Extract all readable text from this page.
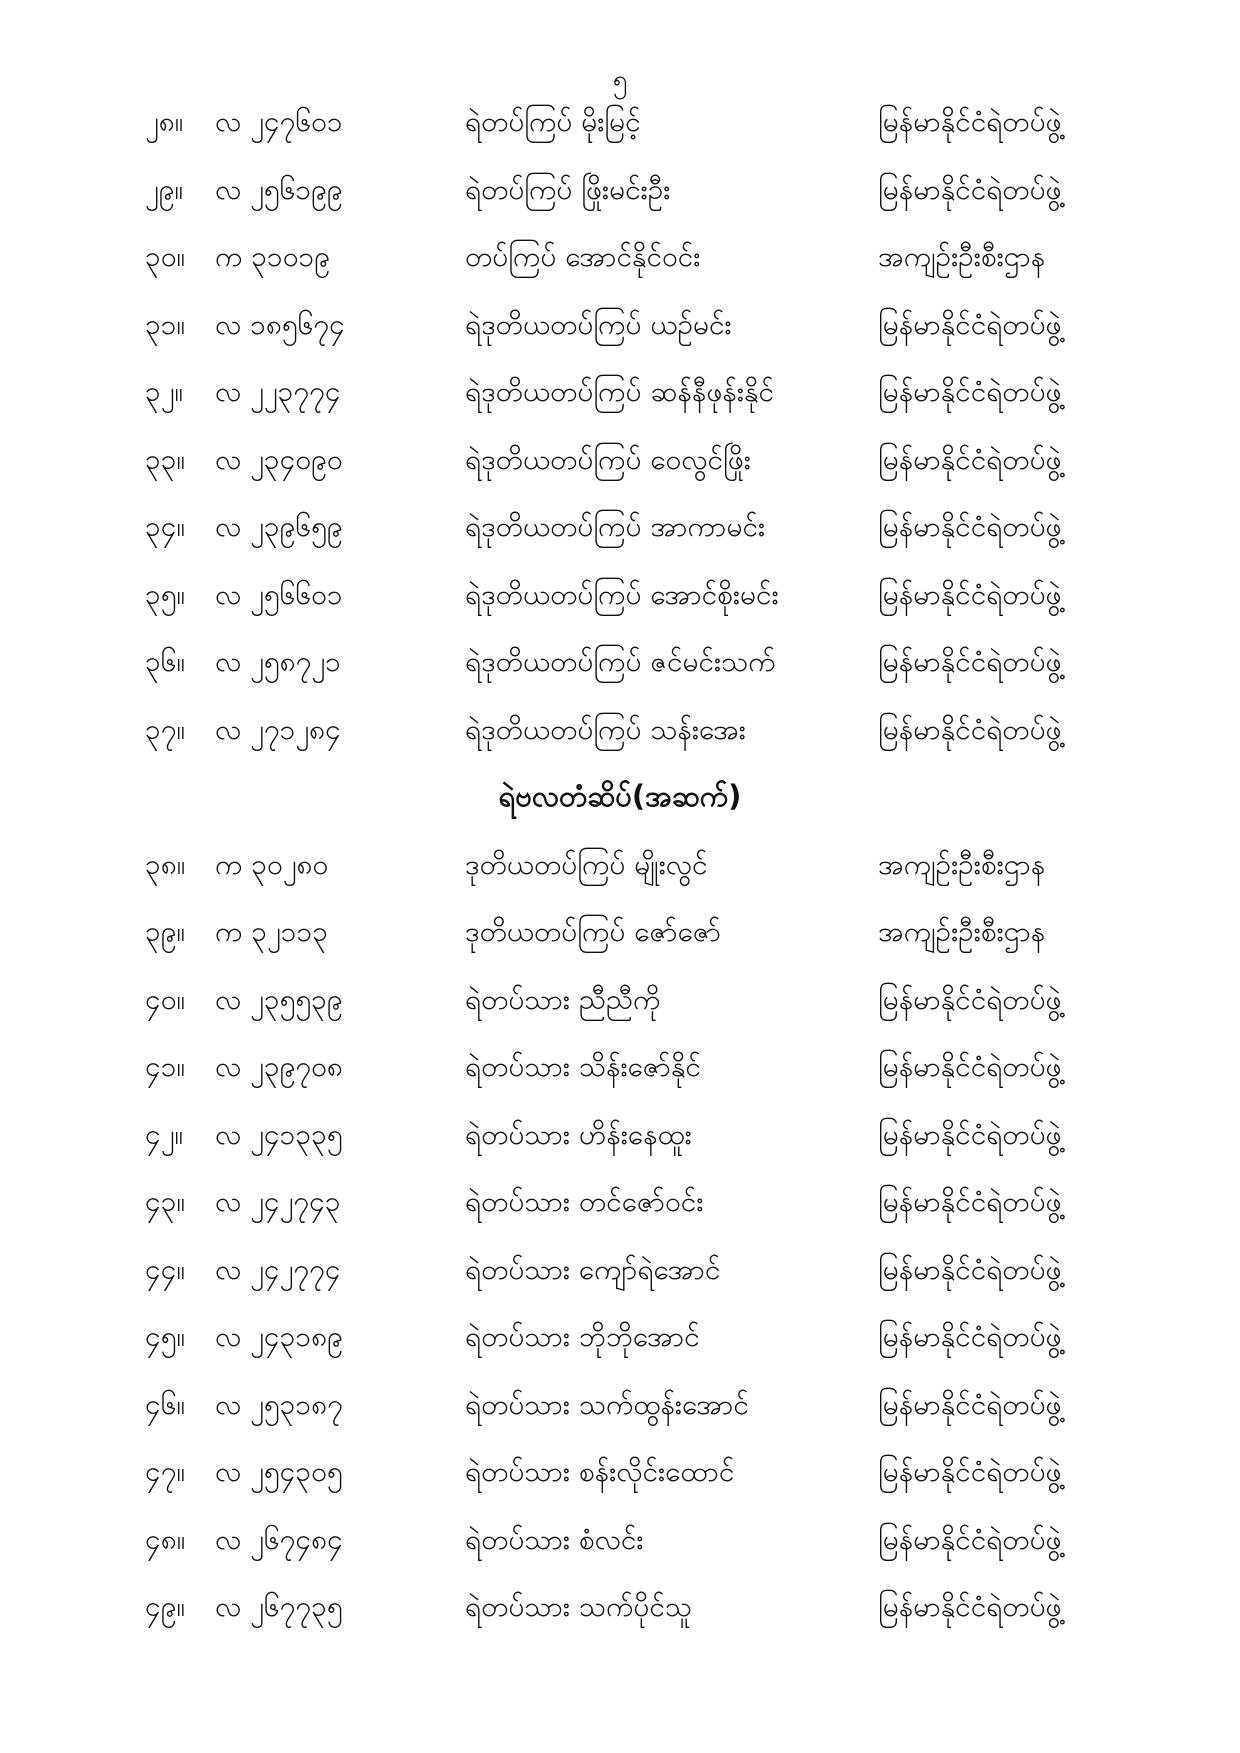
၅
၂၈။ လ ၂၄၇၆၀၁	ရဲတပ်ကြပ် မိုးမြင့်	မြန်မာနိုင်ငံရဲတပ်ဖွဲ့
၂၉။ လ ၂၅၆၁၉၉	ရဲတပ်ကြပ် ဖြိုးမင်းဦး	မြန်မာနိုင်ငံရဲတပ်ဖွဲ့
၃၀။ က ၃၁၀၁၉	တပ်ကြပ် အောင်နိုင်ဝင်း	အကျဉ်းဦးစီးဌာန
၃၁။ လ ၁၈၅၆၇၄	ရဲဒုတိယတပ်ကြပ် ယဉ်မင်း	မြန်မာနိုင်ငံရဲတပ်ဖွဲ့
၃၂။ လ ၂၂၃၇၇၄	ရဲဒုတိယတပ်ကြပ် ဆန်နီဖုန်းနိုင်	မြန်မာနိုင်ငံရဲတပ်ဖွဲ့
၃၃။ လ ၂၃၄၀၉၀	ရဲဒုတိယတပ်ကြပ် ဝေလွင်ဖြိုး	မြန်မာနိုင်ငံရဲတပ်ဖွဲ့
၃၄။ လ ၂၃၉၆၅၉	ရဲဒုတိယတပ်ကြပ် အာကာမင်း	မြန်မာနိုင်ငံရဲတပ်ဖွဲ့
၃၅။ လ ၂၅၆၆၀၁	ရဲဒုတိယတပ်ကြပ် အောင်စိုးမင်း	မြန်မာနိုင်ငံရဲတပ်ဖွဲ့
၃၆။ လ ၂၅၈၇၂၁	ရဲဒုတိယတပ်ကြပ် ဇင်မင်းသက်	မြန်မာနိုင်ငံရဲတပ်ဖွဲ့
၃၇။ လ ၂၇၁၂၈၄	ရဲဒုတိယတပ်ကြပ် သန်းအေး	မြန်မာနိုင်ငံရဲတပ်ဖွဲ့
ရဲဗလတံဆိပ်(အဆက်)
၃၈။ က ၃၀၂၈၀	ဒုတိယတပ်ကြပ် မျိုးလွင်	အကျဉ်းဦးစီးဌာန
၃၉။ က ၃၂၁၁၃	ဒုတိယတပ်ကြပ် ဇော်ဇော်	အကျဉ်းဦးစီးဌာန
၄၀။ လ ၂၃၅၅၃၉	ရဲတပ်သား ညီညီကို	မြန်မာနိုင်ငံရဲတပ်ဖွဲ့
၄၁။ လ ၂၃၉၇၀၈	ရဲတပ်သား သိန်းဇော်နိုင်	မြန်မာနိုင်ငံရဲတပ်ဖွဲ့
၄၂။ လ ၂၄၁၃၃၅	ရဲတပ်သား ဟိန်းနေထူး	မြန်မာနိုင်ငံရဲတပ်ဖွဲ့
၄၃။ လ ၂၄၂၇၄၃	ရဲတပ်သား တင်ဇော်ဝင်း	မြန်မာနိုင်ငံရဲတပ်ဖွဲ့
၄၄။ လ ၂၄၂၇၇၄	ရဲတပ်သား ကျော်ရဲအောင်	မြန်မာနိုင်ငံရဲတပ်ဖွဲ့
၄၅။ လ ၂၄၃၁၈၉	ရဲတပ်သား ဘိုဘိုအောင်	မြန်မာနိုင်ငံရဲတပ်ဖွဲ့
၄၆။ လ ၂၅၃၁၈၇	ရဲတပ်သား သက်ထွန်းအောင်	မြန်မာနိုင်ငံရဲတပ်ဖွဲ့
၄၇။ လ ၂၅၄၃၀၅	ရဲတပ်သား စန်းလိုင်းထောင်	မြန်မာနိုင်ငံရဲတပ်ဖွဲ့
၄၈။ လ ၂၆၇၄၈၄	ရဲတပ်သား စံလင်း	မြန်မာနိုင်ငံရဲတပ်ဖွဲ့
၄၉။ လ ၂၆၇၇၃၅	ရဲတပ်သား သက်ပိုင်သူ	မြန်မာနိုင်ငံရဲတပ်ဖွဲ့
